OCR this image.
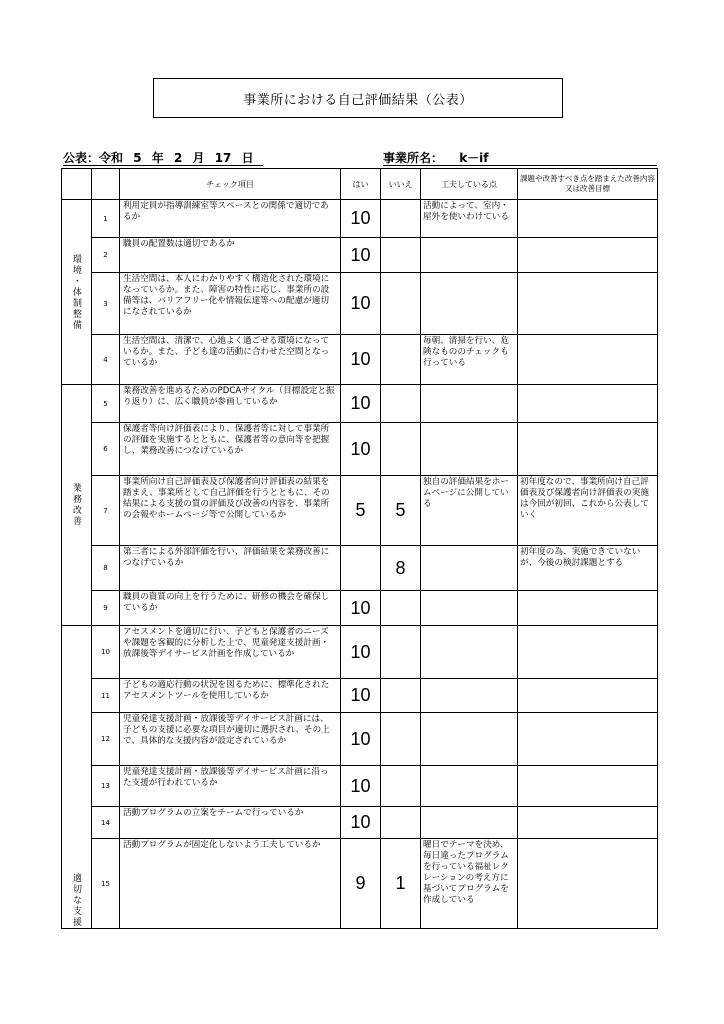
事業所における自己評価結果（公表）
公表：令和 5 年 2 月 17 日	事業所名： k－if
		チェック項目	はい	いいえ	工夫している点	課題や改善すべき点を踏まえた改善内容又は改善目標

環境・体制整備	1	利用定員が指導訓練室等スペースとの関係で適切であるか	10		活動によって、室内・屋外を使いわけている	
	2	職員の配置数は適切であるか	10			
	3	生活空間は、本人にわかりやすく構造化された環境になっているか。また、障害の特性に応じ、事業所の設備等は、バリアフリー化や情報伝達等への配慮が適切になされているか	10			
	4	生活空間は、清潔で、心地よく過ごせる環境になっているか。また、子ども達の活動に合わせた空間となっているか	10		毎朝、清掃を行い、危険なもののチェックも行っている	

業務改善	5	業務改善を進めるためのPDCAサイクル（目標設定と振り返り）に、広く職員が参画しているか	10			
	6	保護者等向け評価表により、保護者等に対して事業所の評価を実施するとともに、保護者等の意向等を把握し、業務改善につなげているか	10			
	7	事業所向け自己評価表及び保護者向け評価表の結果を踏まえ、事業所として自己評価を行うとともに、その結果による支援の質の評価及び改善の内容を、事業所の会報やホームページ等で公開しているか	5	5	独自の評価結果をホームページに公開している	初年度なので、事業所向け自己評価表及び保護者向け評価表の実施は今回が初回、これから公表していく
	8	第三者による外部評価を行い、評価結果を業務改善につなげているか		8		初年度の為、実施できていないが、今後の検討課題とする
	9	職員の資質の向上を行うために、研修の機会を確保しているか	10			

適切な支援	10	アセスメントを適切に行い、子どもと保護者のニーズや課題を客観的に分析した上で、児童発達支援計画・放課後等デイサービス計画を作成しているか	10			
	11	子どもの適応行動の状況を図るために、標準化されたアセスメントツールを使用しているか	10			
	12	児童発達支援計画・放課後等デイサービス計画には、子どもの支援に必要な項目が適切に選択され、その上で、具体的な支援内容が設定されているか	10			
	13	児童発達支援計画・放課後等デイサービス計画に沿った支援が行われているか	10			
	14	活動プログラムの立案をチームで行っているか	10			
	15	活動プログラムが固定化しないよう工夫しているか	9	1	曜日でテーマを決め、毎日違ったプログラムを行っている福祉レクレーションの考え方に基づいてプログラムを作成している	
